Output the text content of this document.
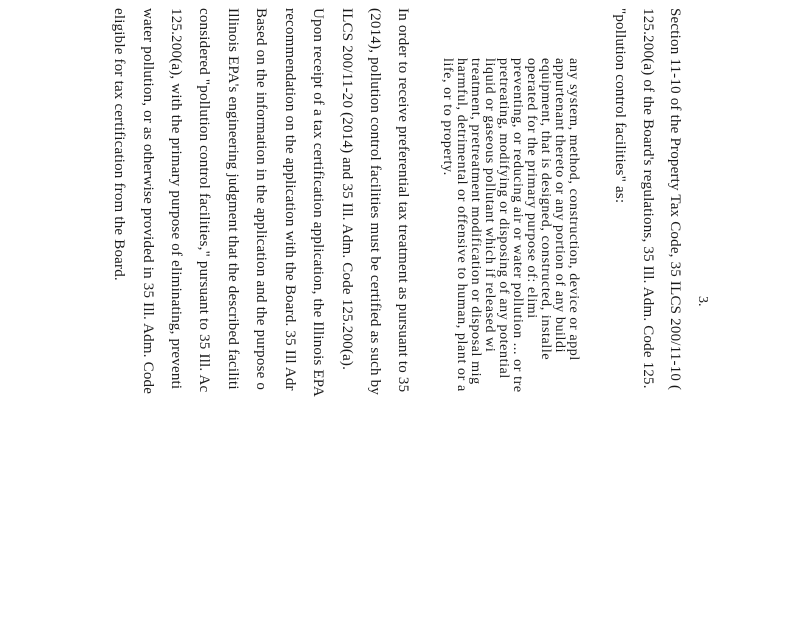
3.
Section 11-10 of the Property Tax Code, 35 ILCS 200/11-10 (
125.200(a) of the Board's regulations, 35 Ill. Adm. Code 125.
"pollution control facilities" as:
any system, method, construction, device or appl
appurtenant thereto or any portion of any buildi
equipment, that is designed, constructed, installe
operated for the primary purpose of: elimi
preventing, or reducing air or water pollution ... or tre
pretreating, modifying or disposing of any potential
liquid or gaseous pollutant which if released wi
treatment, pretreatment modification or disposal mig
harmful, detrimental or offensive to human, plant or a
life, or to property.
In order to receive preferential tax treatment as pursuant to 35
(2014), pollution control facilities must be certified as such by
ILCS 200/11-20 (2014) and 35 Ill. Adm. Code 125.200(a).
Upon receipt of a tax certification application, the Illinois EPA
recommendation on the application with the Board. 35 Ill Adr
Based on the information in the application and the purpose o
Illinois EPA's engineering judgment that the described faciliti
considered "pollution control facilities," pursuant to 35 Ill. Ac
125.200(a), with the primary purpose of eliminating, preventi
water pollution, or as otherwise provided in 35 Ill. Adm. Code
eligible for tax certification from the Board.
